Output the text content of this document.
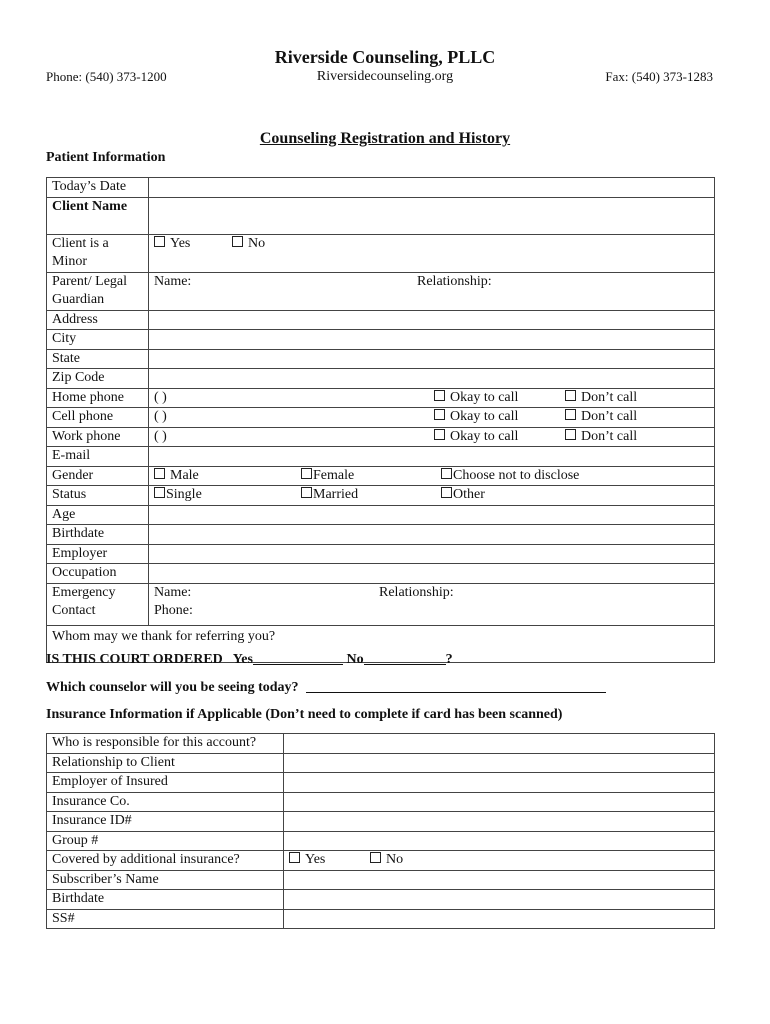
Riverside Counseling, PLLC
Phone: (540) 373-1200	Riversidecounseling.org	Fax: (540) 373-1283
Counseling Registration and History
Patient Information
Today’s Date	
Client Name	
Client is a Minor	Yes No

Parent/ Legal Guardian	Name: Relationship:

Address	
City	
State	
Zip Code	
Home phone	( ) Okay to call Don’t call

Cell phone	( ) Okay to call Don’t call

Work phone	( ) Okay to call Don’t call

E-mail	
Gender	Male Female Choose not to disclose

Status	Single Married Other

Age	
Birthdate	
Employer	
Occupation	
Emergency Contact	Name: Relationship:
Phone:

Whom may we thank for referring you?	
IS THIS COURT ORDERED Yes	No	?
Which counselor will you be seeing today?
Insurance Information if Applicable (Don’t need to complete if card has been scanned)
Who is responsible for this account?	
Relationship to Client	
Employer of Insured	
Insurance Co.	
Insurance ID#	
Group #	
Covered by additional insurance?	Yes No

Subscriber’s Name	
Birthdate	
SS#	
